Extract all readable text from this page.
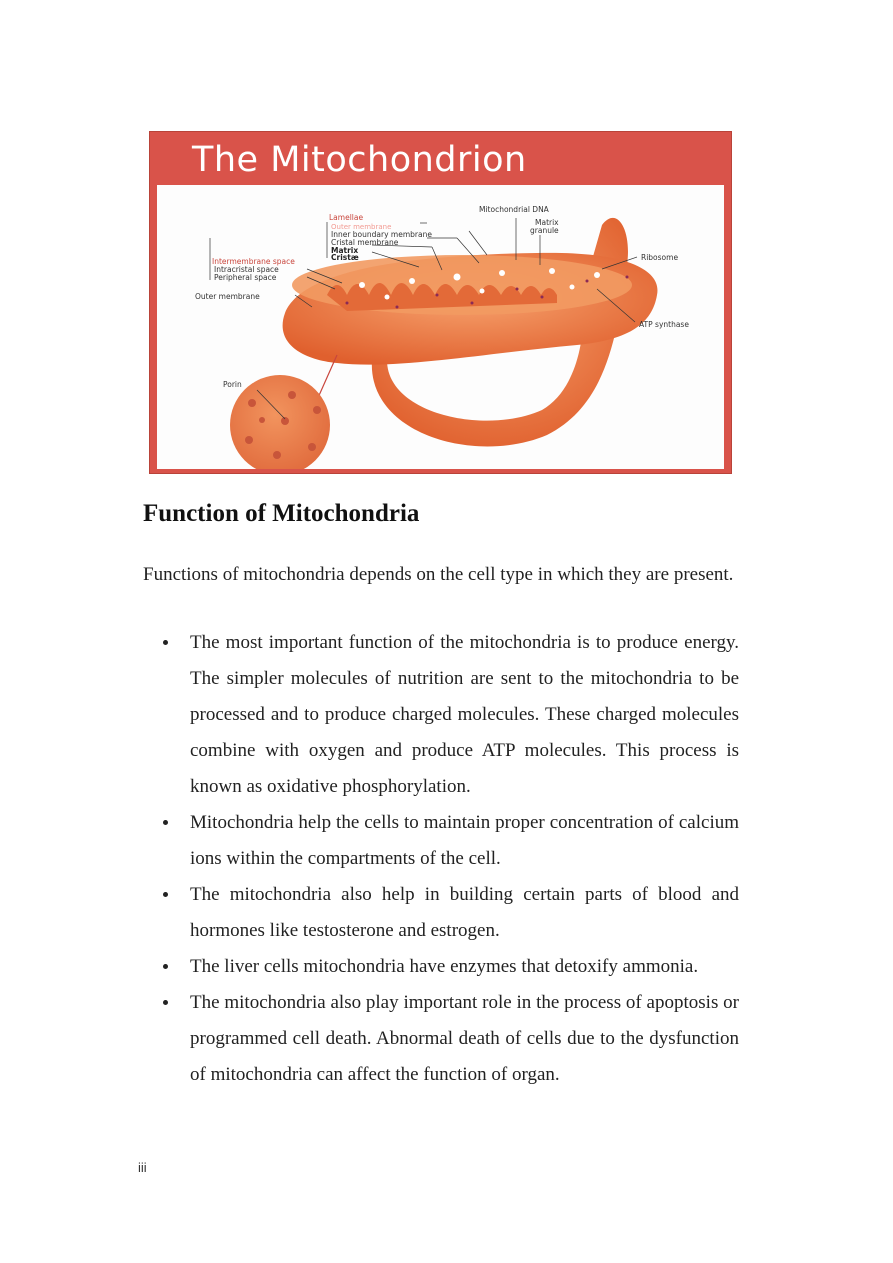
The Mitochondrion
Lamellae
Outer membrane
Inner boundary membrane
Cristal membrane
Matrix
Cristæ
Intermembrane space
Intracristal space
Peripheral space
Outer membrane
Mitochondrial DNA
Matrix
granule
Ribosome
ATP synthase
Porin
Function of Mitochondria

Functions of mitochondria depends on the cell type in which they are present.

The most important function of the mitochondria is to produce energy. The simpler molecules of nutrition are sent to the mitochondria to be processed and to produce charged molecules. These charged molecules combine with oxygen and produce ATP molecules. This process is known as oxidative phosphorylation.
Mitochondria help the cells to maintain proper concentration of calcium ions within the compartments of the cell.
The mitochondria also help in building certain parts of blood and hormones like testosterone and estrogen.
The liver cells mitochondria have enzymes that detoxify ammonia.
The mitochondria also play important role in the process of apoptosis or programmed cell death. Abnormal death of cells due to the dysfunction of mitochondria can affect the function of organ.
iii
